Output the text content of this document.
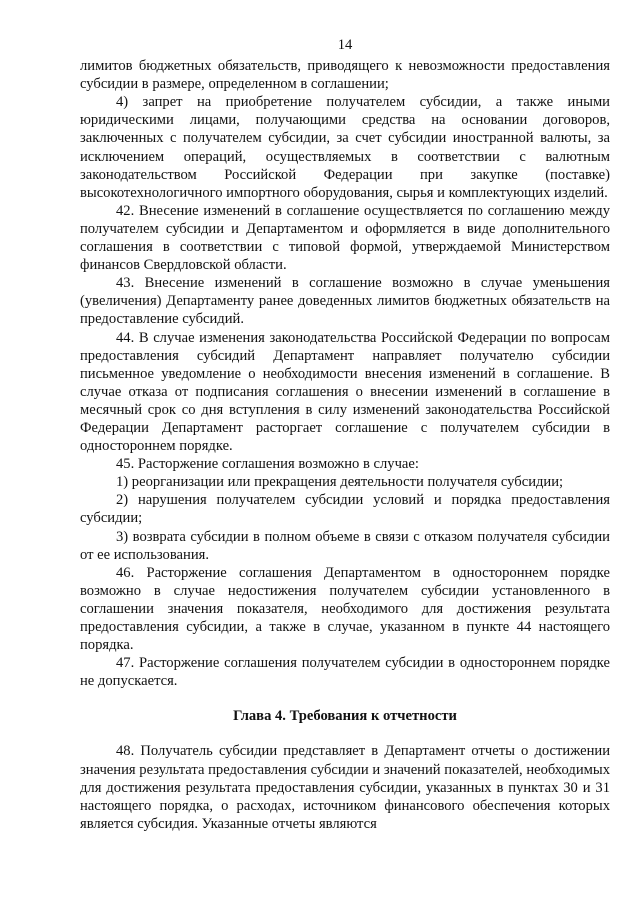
14

лимитов бюджетных обязательств, приводящего к невозможности предоставления субсидии в размере, определенном в соглашении;

4) запрет на приобретение получателем субсидии, а также иными юридическими лицами, получающими средства на основании договоров, заключенных с получателем субсидии, за счет субсидии иностранной валюты, за исключением операций, осуществляемых в соответствии с валютным законодательством Российской Федерации при закупке (поставке) высокотехнологичного импортного оборудования, сырья и комплектующих изделий.

42. Внесение изменений в соглашение осуществляется по соглашению между получателем субсидии и Департаментом и оформляется в виде дополнительного соглашения в соответствии с типовой формой, утверждаемой Министерством финансов Свердловской области.

43. Внесение изменений в соглашение возможно в случае уменьшения (увеличения) Департаменту ранее доведенных лимитов бюджетных обязательств на предоставление субсидий.

44. В случае изменения законодательства Российской Федерации по вопросам предоставления субсидий Департамент направляет получателю субсидии письменное уведомление о необходимости внесения изменений в соглашение. В случае отказа от подписания соглашения о внесении изменений в соглашение в месячный срок со дня вступления в силу изменений законодательства Российской Федерации Департамент расторгает соглашение с получателем субсидии в одностороннем порядке.

45. Расторжение соглашения возможно в случае:

1) реорганизации или прекращения деятельности получателя субсидии;

2) нарушения получателем субсидии условий и порядка предоставления субсидии;

3) возврата субсидии в полном объеме в связи с отказом получателя субсидии от ее использования.

46. Расторжение соглашения Департаментом в одностороннем порядке возможно в случае недостижения получателем субсидии установленного в соглашении значения показателя, необходимого для достижения результата предоставления субсидии, а также в случае, указанном в пункте 44 настоящего порядка.

47. Расторжение соглашения получателем субсидии в одностороннем порядке не допускается.

Глава 4. Требования к отчетности

48. Получатель субсидии представляет в Департамент отчеты о достижении значения результата предоставления субсидии и значений показателей, необходимых для достижения результата предоставления субсидии, указанных в пунктах 30 и 31 настоящего порядка, о расходах, источником финансового обеспечения которых является субсидия. Указанные отчеты являются
